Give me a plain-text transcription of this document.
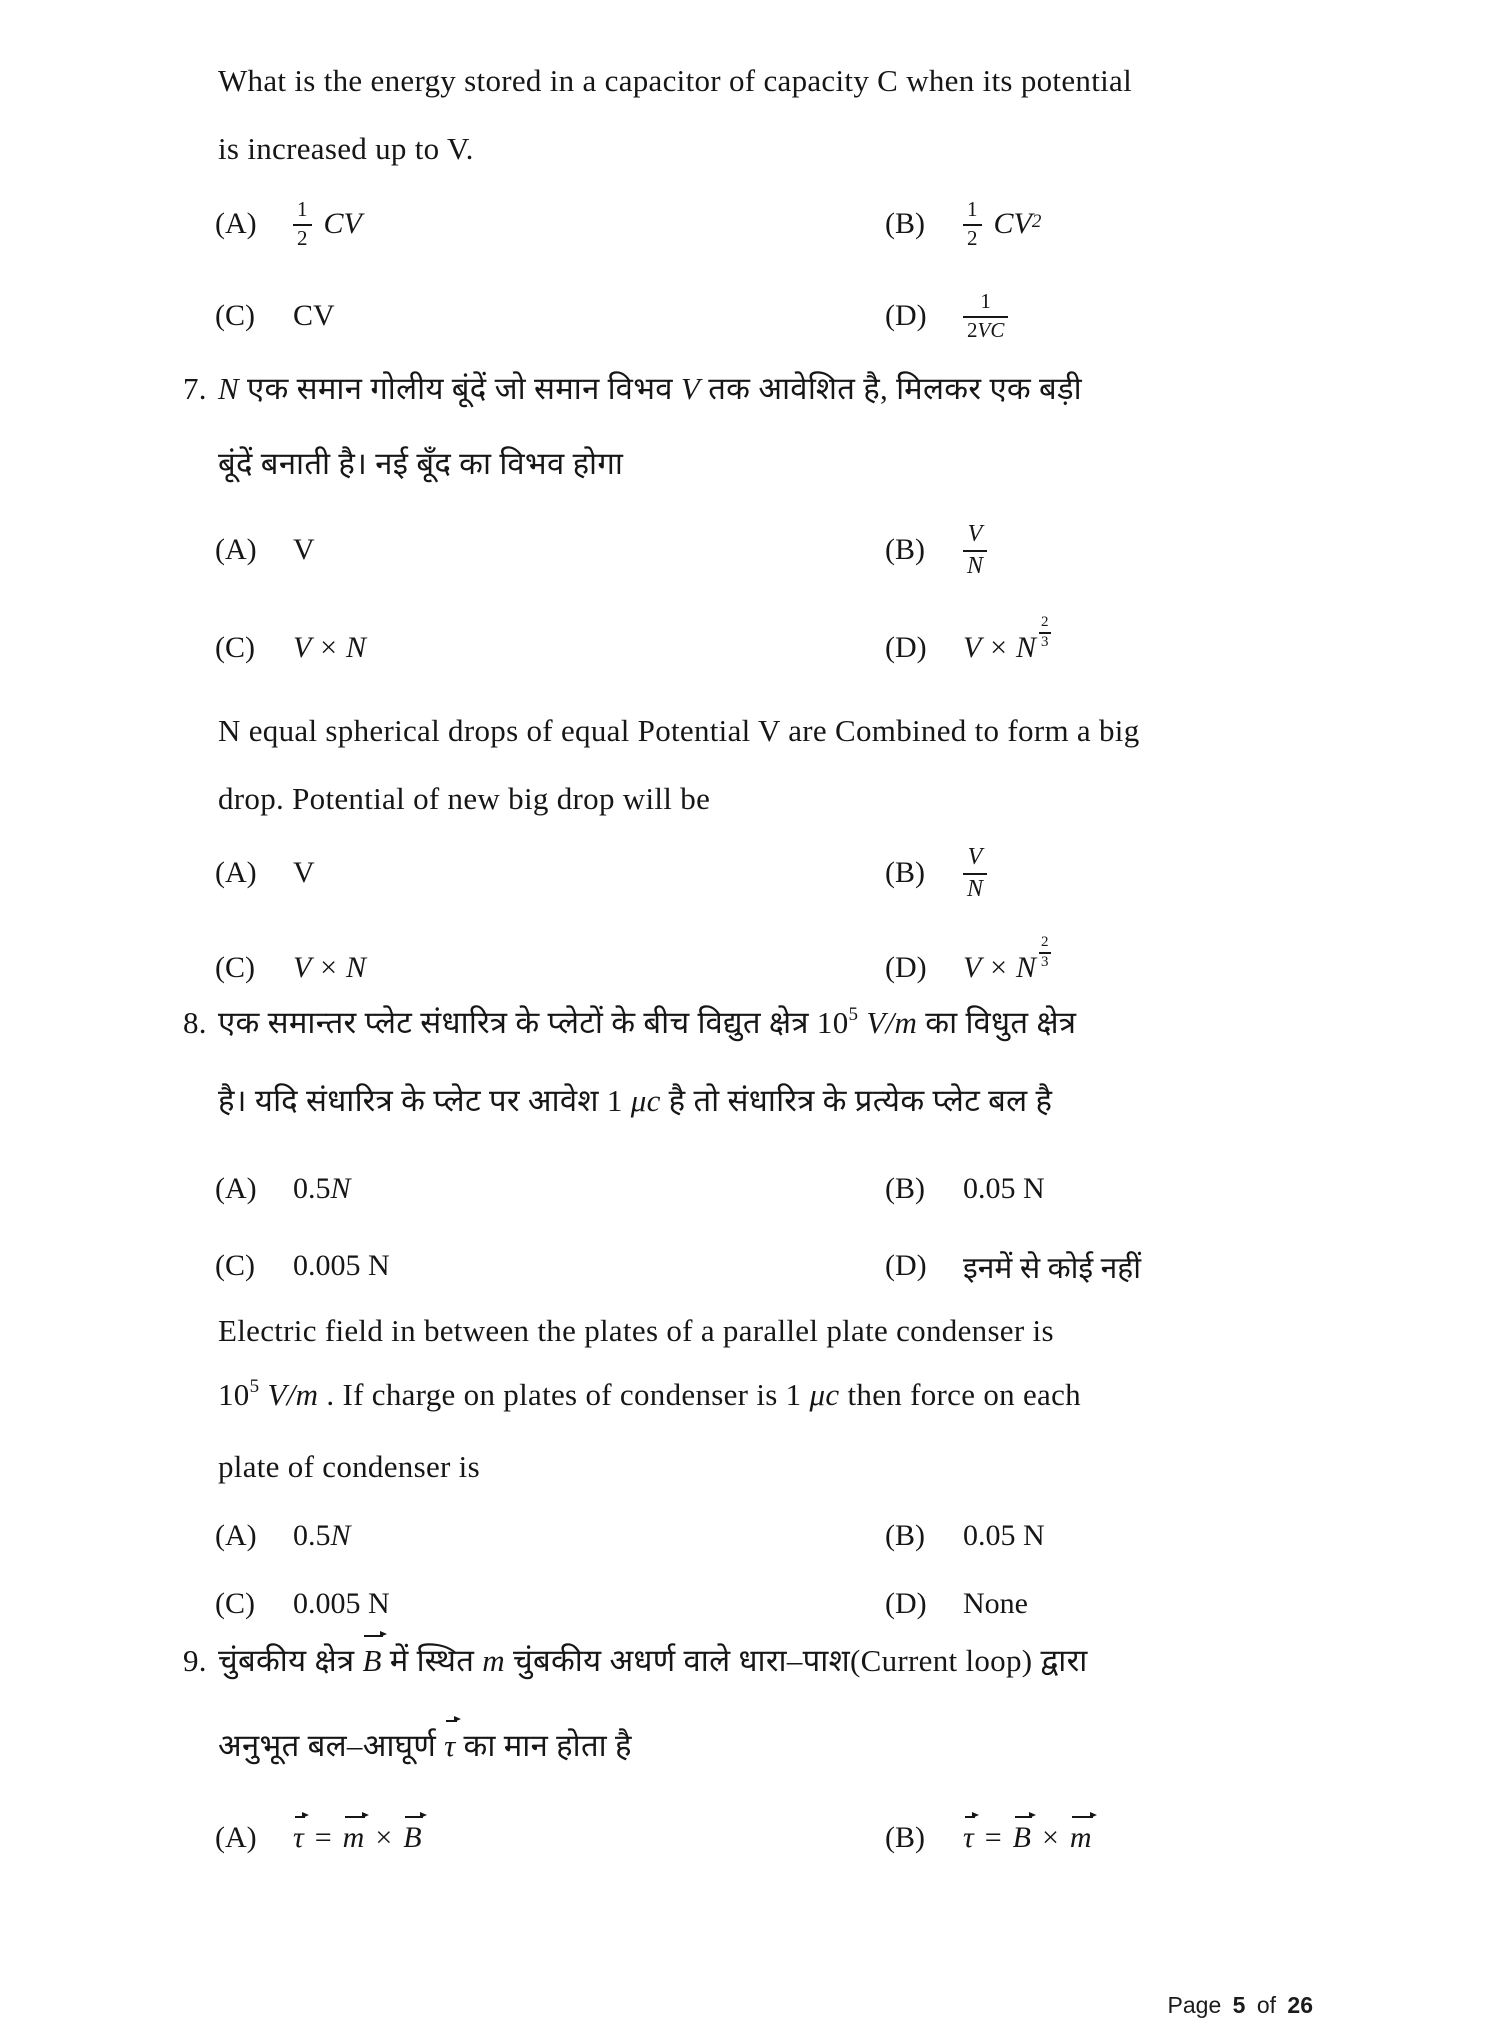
What is the energy stored in a capacitor of capacity C when its potential
is increased up to V.
(A)	$\frac{1}{2}$ CV	(B)	$\frac{1}{2} CV^2$
(C)	CV	(D)	$\frac{1}{2VC}$
7. N एक समान गोलीय बूंदें जो समान विभव V तक आवेशित है, मिलकर एक बड़ी
बूंदें बनाती है। नई बूँद का विभव होगा
(A)	V	(B)	$\frac{V}{N}$
(C)	V × N	(D)	V × N $\frac{2}{3}$
N equal spherical drops of equal Potential V are Combined to form a big
drop. Potential of new big drop will be
(A)	V	(B)	$\frac{V}{N}$
(C)	V × N	(D)	V × N $\frac{2}{3}$
8. एक समान्तर प्लेट संधारित्र के प्लेटों के बीच विद्युत क्षेत्र $10^5$ V/m का विधुत क्षेत्र
है। यदि संधारित्र के प्लेट पर आवेश 1 μc है तो संधारित्र के प्रत्येक प्लेट बल है
(A)	0.5 N	(B)	0.05 N
(C)	0.005 N	(D)	इनमें से कोई नहीं
Electric field in between the plates of a parallel plate condenser is
$10^5$ V/m . If charge on plates of condenser is 1 μc then force on each
plate of condenser is
(A)	0.5 N	(B)	0.05 N
(C)	0.005 N	(D)	None
9. चुंबकीय क्षेत्र B में स्थित m चुंबकीय अधर्ण वाले धारा–पाश(Current loop) द्वारा
अनुभूत बल–आघूर्ण τ का मान होता है
(A)	τ = m × B	(B)	τ = B × m
Page 5 of 26
